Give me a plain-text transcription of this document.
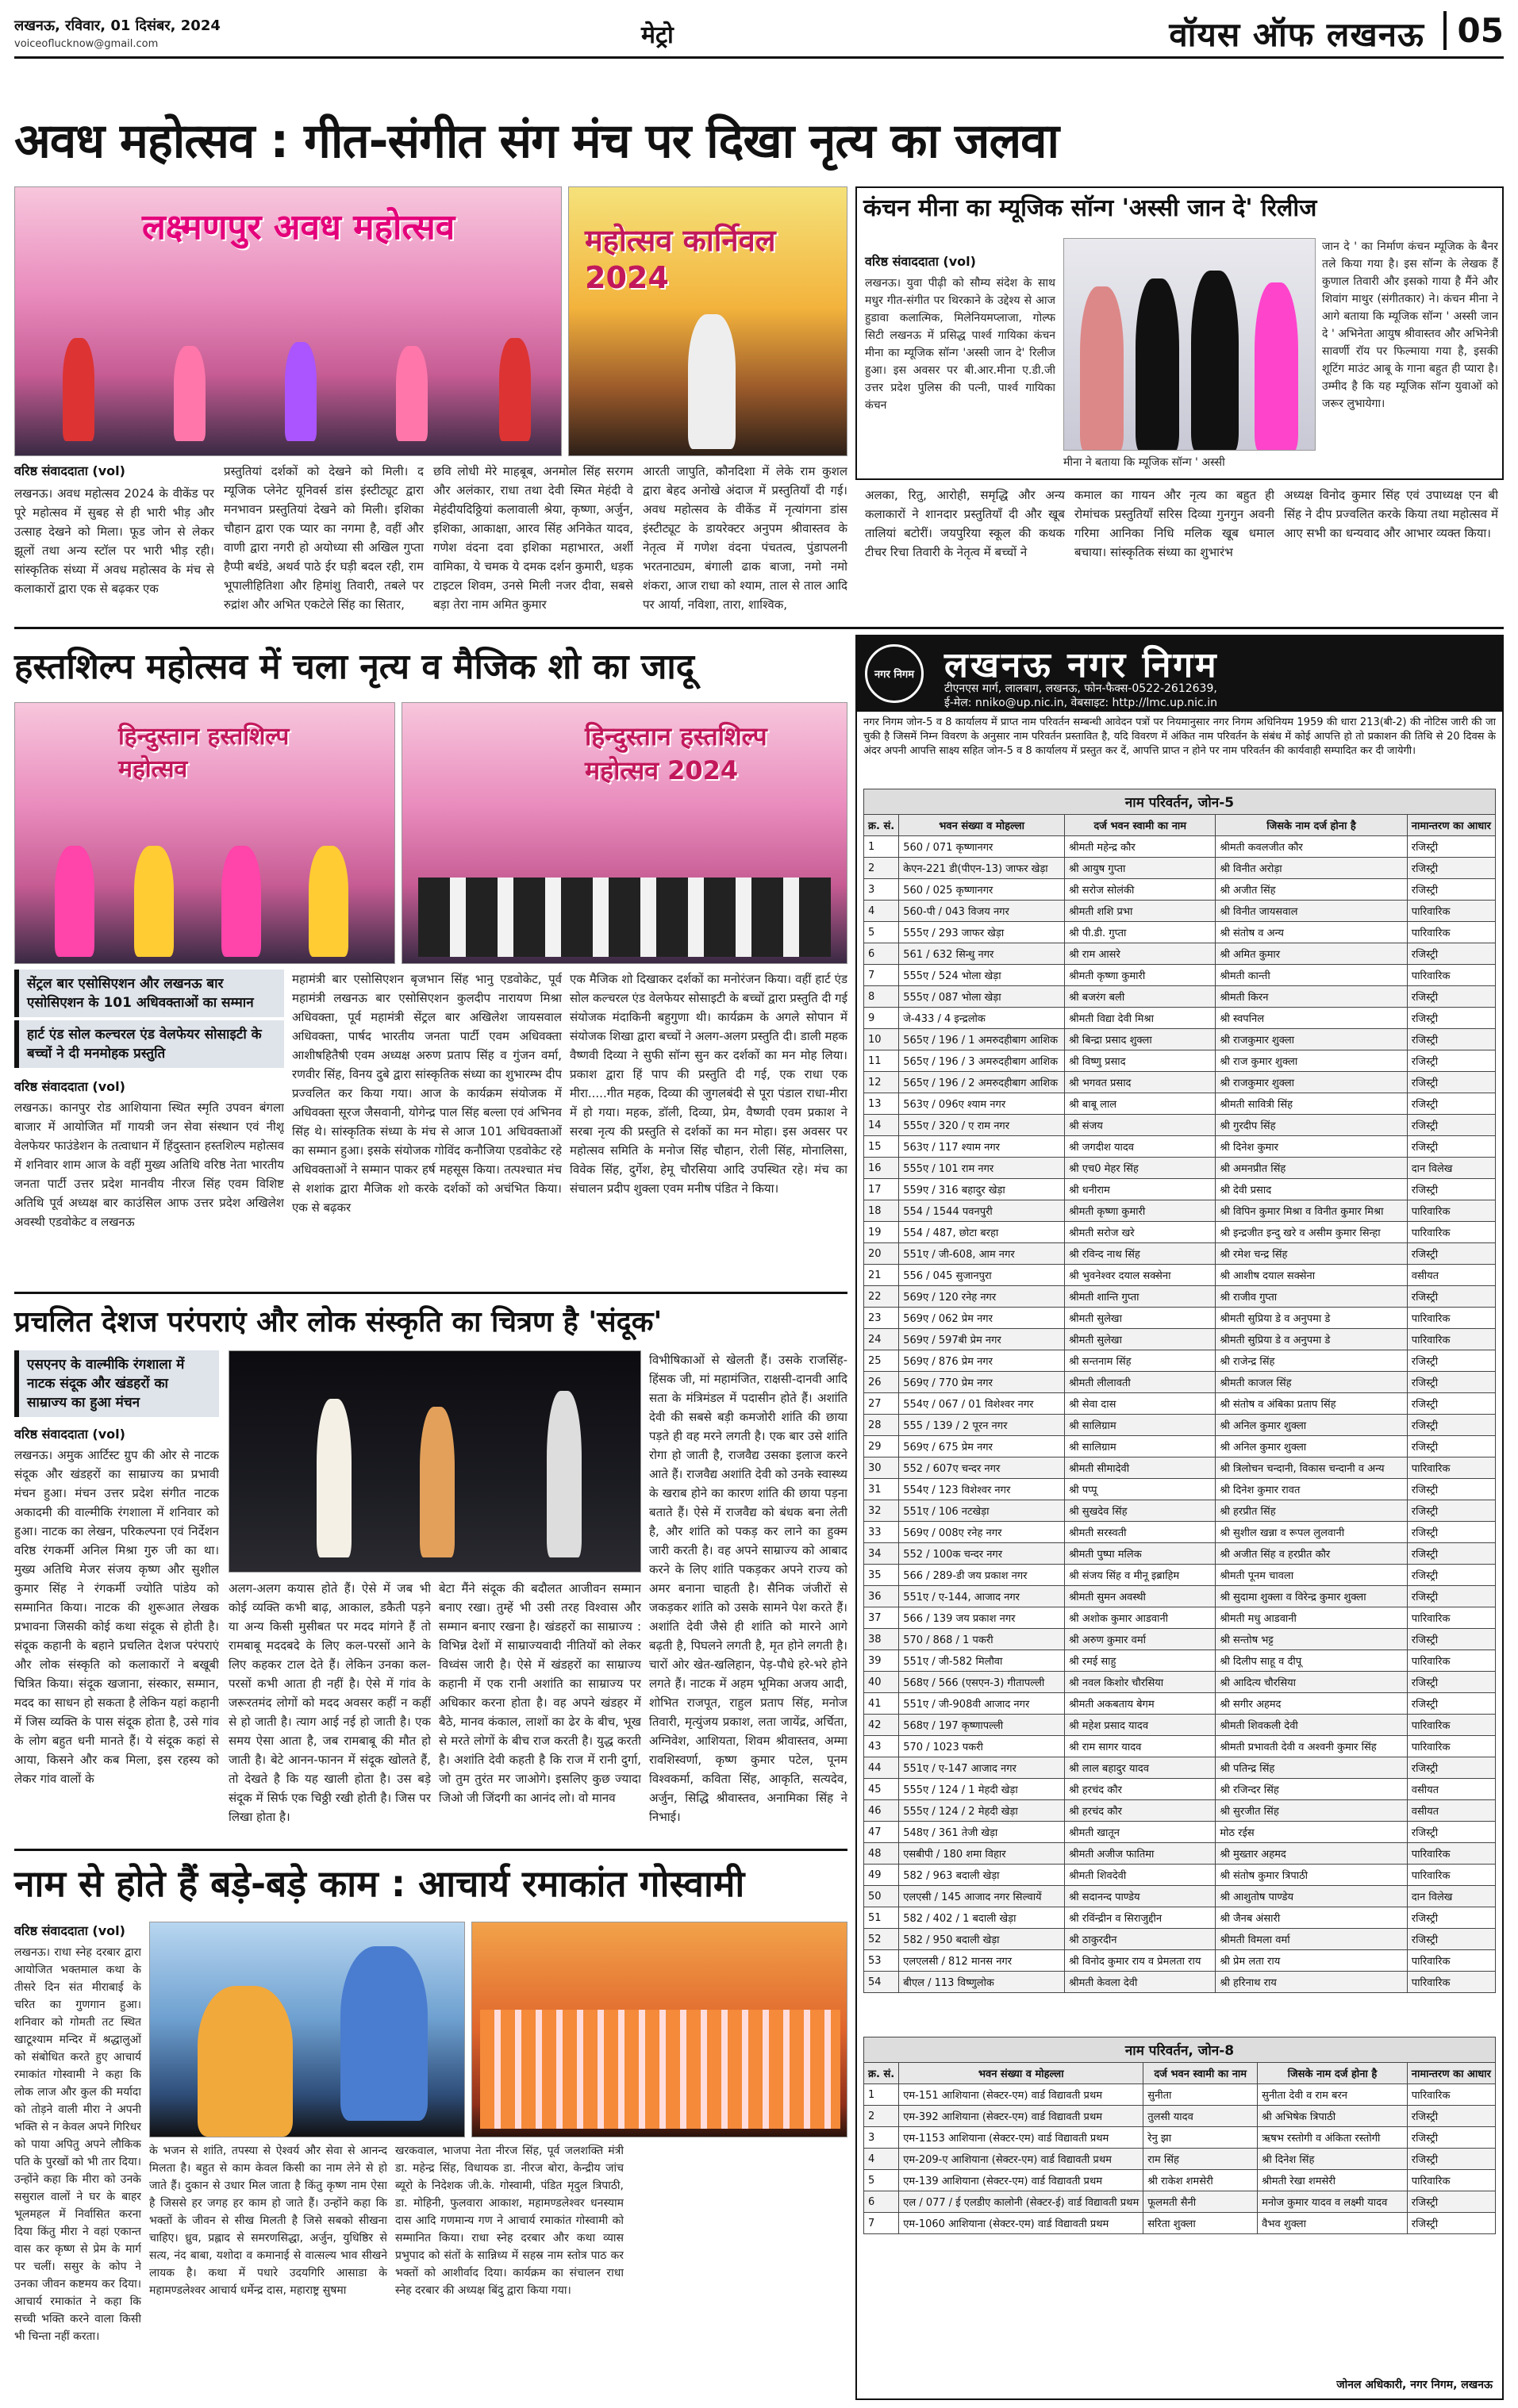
लखनऊ, रविवार, 01 दिसंबर, 2024
voiceoflucknow@gmail.com	मेट्रो	वॉयस ऑफ लखनऊ 05
अवध महोत्सव : गीत-संगीत संग मंच पर दिखा नृत्य का जलवा
लक्ष्मणपुर अवध महोत्सव	महोत्सव कार्निवल 2024
कंचन मीना का म्यूजिक सॉन्ग 'अस्सी जान दे' रिलीज
वरिष्ठ संवाददाता (vol)
लखनऊ। युवा पीढ़ी को सौम्य संदेश के साथ मधुर गीत-संगीत पर थिरकाने के उद्देश्य से आज हुडावा कलात्मिक, मिलेनियमप्लाजा, गोल्फ सिटी लखनऊ में प्रसिद्ध पार्श्व गायिका कंचन मीना का म्यूजिक सॉन्ग 'अस्सी जान दे' रिलीज हुआ। इस अवसर पर बी.आर.मीना ए.डी.जी उत्तर प्रदेश पुलिस की पत्नी, पार्श्व गायिका कंचन
मीना ने बताया कि म्यूजिक सॉन्ग ' अस्सी
जान दे ' का निर्माण कंचन म्यूजिक के बैनर तले किया गया है। इस सॉन्ग के लेखक हैं कुणाल तिवारी और इसको गाया है मैंने और शिवांग माथुर (संगीतकार) ने। कंचन मीना ने आगे बताया कि म्यूजिक सॉन्ग ' अस्सी जान दे ' अभिनेता आयुष श्रीवास्तव और अभिनेत्री सावर्णी रॉय पर फिल्माया गया है, इसकी शूटिंग माउंट आबू के गाना बहुत ही प्यारा है। उम्मीद है कि यह म्यूजिक सॉन्ग युवाओं को जरूर लुभायेगा।
वरिष्ठ संवाददाता (vol)
लखनऊ। अवध महोत्सव 2024 के वीकेंड पर पूरे महोत्सव में सुबह से ही भारी भीड़ और उत्साह देखने को मिला। फूड जोन से लेकर झूलों तथा अन्य स्टॉल पर भारी भीड़ रही। सांस्कृतिक संध्या में अवध महोत्सव के मंच से कलाकारों द्वारा एक से बढ़कर एक
प्रस्तुतियां दर्शकों को देखने को मिली। द म्यूजिक प्लेनेट यूनिवर्स डांस इंस्टीट्यूट द्वारा मनभावन प्रस्तुतियां देखने को मिली। इशिका चौहान द्वारा एक प्यार का नगमा है, वहीं और वाणी द्वारा नगरी हो अयोध्या सी अखिल गुप्ता हैप्पी बर्थडे, अथर्व पाठे ईर घड़ी बदल रही, राम भूपालीहितिशा और हिमांशु तिवारी, तबले पर रुद्रांश और अभित एकटेले सिंह का सितार,
छवि लोधी मेरे माहबूब, अनमोल सिंह सरगम और अलंकार, राधा तथा देवी स्मित मेहंदी वे मेहंदीयदिठ्ठियां कलावाली श्रेया, कृष्णा, अर्जुन, इशिका, आकाक्षा, आरव सिंह अनिकेत यादव, गणेश वंदना दवा इशिका महाभारत, अर्शी वामिका, ये चमक ये दमक दर्शन कुमारी, धड़क टाइटल शिवम, उनसे मिली नजर दीवा, सबसे बड़ा तेरा नाम अमित कुमार
आरती जापुति, कौनदिशा में लेके राम कुशल द्वारा बेहद अनोखे अंदाज में प्रस्तुतियाँ दी गई। अवध महोत्सव के वीकेंड में नृत्यांगना डांस इंस्टीट्यूट के डायरेक्टर अनुपम श्रीवास्तव के नेतृत्व में गणेश वंदना पंचतत्व, पुंडापलनी भरतनाट्यम, बंगाली ढाक बाजा, नमो नमो शंकरा, आज राधा को श्याम, ताल से ताल आदि पर आर्या, नविशा, तारा, शाश्विक,
अलका, रितु, आरोही, समृद्धि और अन्य कलाकारों ने शानदार प्रस्तुतियाँ दी और खूब तालियां बटोरीं। जयपुरिया स्कूल की कथक टीचर रिचा तिवारी के नेतृत्व में बच्चों ने
कमाल का गायन और नृत्य का बहुत ही रोमांचक प्रस्तुतियाँ सरिस दिव्या गुनगुन अवनी गरिमा आनिका निधि मलिक खूब धमाल बचाया। सांस्कृतिक संध्या का शुभारंभ
अध्यक्ष विनोद कुमार सिंह एवं उपाध्यक्ष एन बी सिंह ने दीप प्रज्वलित करके किया तथा महोत्सव में आए सभी का धन्यवाद और आभार व्यक्त किया।
हस्तशिल्प महोत्सव में चला नृत्य व मैजिक शो का जादू
हिन्दुस्तान हस्तशिल्प महोत्सव
हिन्दुस्तान हस्तशिल्प महोत्सव 2024
सेंट्रल बार एसोसिएशन और लखनऊ बार एसोसिएशन के 101 अधिवक्ताओं का सम्मान
हार्ट एंड सोल कल्चरल एंड वेलफेयर सोसाइटी के बच्चों ने दी मनमोहक प्रस्तुति
वरिष्ठ संवाददाता (vol)
लखनऊ। कानपुर रोड आशियाना स्थित स्मृति उपवन बंगला बाजार में आयोजित माँ गायत्री जन सेवा संस्थान एवं नीशू वेलफेयर फाउंडेशन के तत्वाधान में हिंदुस्तान हस्तशिल्प महोत्सव में शनिवार शाम आज के वहीं मुख्य अतिथि वरिष्ठ नेता भारतीय जनता पार्टी उत्तर प्रदेश मानवीय नीरज सिंह एवम विशिष्ट अतिथि पूर्व अध्यक्ष बार काउंसिल आफ उत्तर प्रदेश अखिलेश अवस्थी एडवोकेट व लखनऊ
महामंत्री बार एसोसिएशन बृजभान सिंह भानु एडवोकेट, पूर्व महामंत्री लखनऊ बार एसोसिएशन कुलदीप नारायण मिश्रा अधिवक्ता, पूर्व महामंत्री सेंट्रल बार अखिलेश जायसवाल अधिवक्ता, पार्षद भारतीय जनता पार्टी एवम अधिवक्ता आशीषहितैषी एवम अध्यक्ष अरुण प्रताप सिंह व गुंजन वर्मा, रणवीर सिंह, विनय दुबे द्वारा सांस्कृतिक संध्या का शुभारम्भ दीप प्रज्वलित कर किया गया। आज के कार्यक्रम संयोजक में अधिवक्ता सूरज जैसवानी, योगेन्द्र पाल सिंह बल्ला एवं अभिनव सिंह थे। सांस्कृतिक संध्या के मंच से आज 101 अधिवक्ताओं का सम्मान हुआ। इसके संयोजक गोविंद कनौजिया एडवोकेट रहे अधिवक्ताओं ने सम्मान पाकर हर्ष महसूस किया। तत्पश्चात मंच से शशांक द्वारा मैजिक शो करके दर्शकों को अचंभित किया। एक से बढ़कर
एक मैजिक शो दिखाकर दर्शकों का मनोरंजन किया। वहीं हार्ट एंड सोल कल्चरल एंड वेलफेयर सोसाइटी के बच्चों द्वारा प्रस्तुति दी गई संयोजक मंदाकिनी बहुगुणा थी। कार्यक्रम के अगले सोपान में संयोजक शिखा द्वारा बच्चों ने अलग-अलग प्रस्तुति दी। डाली महक वैष्णवी दिव्या ने सुफी सॉन्ग सुन कर दर्शकों का मन मोह लिया। प्रकाश द्वारा हिं पाप की प्रस्तुति दी गई, एक राधा एक मीरा.....गीत महक, दिव्या की जुगलबंदी से पूरा पंडाल राधा-मीरा में हो गया। महक, डॉली, दिव्या, प्रेम, वैष्णवी एवम प्रकाश ने सरबा नृत्य की प्रस्तुति से दर्शकों का मन मोहा। इस अवसर पर महोत्सव समिति के मनोज सिंह चौहान, रोली सिंह, मोनालिसा, विवेक सिंह, दुर्गेश, हेमू चौरसिया आदि उपस्थित रहे। मंच का संचालन प्रदीप शुक्ला एवम मनीष पंडित ने किया।
प्रचलित देशज परंपराएं और लोक संस्कृति का चित्रण है 'संदूक'
एसएनए के वाल्मीकि रंगशाला में नाटक संदूक और खंडहरों का साम्राज्य का हुआ मंचन
वरिष्ठ संवाददाता (vol)
लखनऊ। अमुक आर्टिस्ट ग्रुप की ओर से नाटक संदूक और खंडहरों का साम्राज्य का प्रभावी मंचन हुआ। मंचन उत्तर प्रदेश संगीत नाटक अकादमी की वाल्मीकि रंगशाला में शनिवार को हुआ। नाटक का लेखन, परिकल्पना एवं निर्देशन वरिष्ठ रंगकर्मी अनिल मिश्रा गुरु जी का था। मुख्य अतिथि मेजर संजय कृष्ण और सुशील कुमार सिंह ने रंगकर्मी ज्योति पांडेय को सम्मानित किया। नाटक की शुरूआत लेखक प्रभावना जिसकी कोई कथा संदूक से होती है। संदूक कहानी के बहाने प्रचलित देशज परंपराएं और लोक संस्कृति को कलाकारों ने बखूबी चित्रित किया। संदूक खजाना, संस्कार, सम्मान, मदद का साधन हो सकता है लेकिन यहां कहानी में जिस व्यक्ति के पास संदूक होता है, उसे गांव के लोग बहुत धनी मानते हैं। ये संदूक कहां से आया, किसने और कब मिला, इस रहस्य को लेकर गांव वालों के
अलग-अलग कयास होते हैं। ऐसे में जब भी कोई व्यक्ति कभी बाढ़, आकाल, डकैती पड़ने या अन्य किसी मुसीबत पर मदद मांगने हैं तो रामबाबू मददबदे के लिए कल-परसों आने के लिए कहकर टाल देते हैं। लेकिन उनका कल-परसों कभी आता ही नहीं है। ऐसे में गांव के जरूरतमंद लोगों को मदद अवसर कहीं न कहीं से हो जाती है। त्याग आई नई हो जाती है। एक समय ऐसा आता है, जब रामबाबू की मौत हो जाती है। बेटे आनन-फानन में संदूक खोलते हैं, तो देखते है कि यह खाली होता है। उस बड़े संदूक में सिर्फ एक चिठ्ठी रखी होती है। जिस पर लिखा होता है।
बेटा मैंने संदूक की बदौलत आजीवन सम्मान बनाए रखा। तुम्हें भी उसी तरह विश्वास और सम्मान बनाए रखना है। खंडहरों का साम्राज्य : विभिन्न देशों में साम्राज्यवादी नीतियों को लेकर विध्वंस जारी है। ऐसे में खंडहरों का साम्राज्य कहानी में एक रानी अशांति का साम्राज्य पर अधिकार करना होता है। वह अपने खंडहर में बैठे, मानव कंकाल, लाशों का ढेर के बीच, भूख से मरते लोगों के बीच राज करती है। युद्ध करती है। अशांति देवी कहती है कि राज में रानी दुर्गा, जो तुम तुरंत मर जाओगे। इसलिए कुछ ज्यादा जिओ जी जिंदगी का आनंद लो। वो मानव
विभीषिकाओं से खेलती हैं। उसके राजसिंह-हिंसक जी, मां महामंजित, राक्षसी-दानवी आदि सता के मंत्रिमंडल में पदासीन होते हैं। अशांति देवी की सबसे बड़ी कमजोरी शांति की छाया पड़ते ही वह मरने लगती है। एक बार उसे शांति रोगा हो जाती है, राजवैद्य उसका इलाज करने आते हैं। राजवैद्य अशांति देवी को उनके स्वास्थ्य के खराब होने का कारण शांति की छाया पड़ना बताते हैं। ऐसे में राजवैद्य को बंधक बना लेती है, और शांति को पकड़ कर लाने का हुक्म जारी करती है। वह अपने साम्राज्य को आबाद करने के लिए शांति पकड़कर अपने राज्य को अमर बनाना चाहती है। सैनिक जंजीरों से जकड़कर शांति को उसके सामने पेश करते हैं। अशांति देवी जैसे ही शांति को मारने आगे बढ़ती है, पिघलने लगती है, मृत होने लगती है। चारों ओर खेत-खलिहान, पेड़-पौधे हरे-भरे होने लगते हैं। नाटक में अहम भूमिका अजय आदी, शोभित राजपूत, राहुल प्रताप सिंह, मनोज तिवारी, मृत्युंजय प्रकाश, लता जायेंद्र, अर्चिता, अग्निवेश, आशियता, शिवम श्रीवास्तव, अम्मा रावशिस्वर्णा, कृष्ण कुमार पटेल, पूनम विश्वकर्मा, कविता सिंह, आकृति, सत्यदेव, अर्जुन, सिद्धि श्रीवास्तव, अनामिका सिंह ने निभाई।
नाम से होते हैं बड़े-बड़े काम : आचार्य रमाकांत गोस्वामी
वरिष्ठ संवाददाता (vol)
लखनऊ। राधा स्नेह दरबार द्वारा आयोजित भक्तमाल कथा के तीसरे दिन संत मीराबाई के चरित का गुणगान हुआ। शनिवार को गोमती तट स्थित खाटूश्याम मन्दिर में श्रद्धालुओं को संबोधित करते हुए आचार्य रमाकांत गोस्वामी ने कहा कि लोक लाज और कुल की मर्यादा को तोड़ने वाली मीरा ने अपनी भक्ति से न केवल अपने गिरिधर को पाया अपितु अपने लौकिक पति के पुरखों को भी तार दिया। उन्होंने कहा कि मीरा को उनके ससुराल वालों ने घर के बाहर भूलमहल में निर्वासित करना दिया किंतु मीरा ने वहां एकान्त वास कर कृष्ण से प्रेम के मार्ग पर चलीं। ससुर के कोप ने उनका जीवन कष्टमय कर दिया। आचार्य रमाकांत ने कहा कि सच्ची भक्ति करने वाला किसी भी चिन्ता नहीं करता।
के भजन से शांति, तपस्या से ऐश्वर्य और सेवा से आनन्द मिलता है। बहुत से काम केवल किसी का नाम लेने से हो जाते हैं। दुकान से उधार मिल जाता है किंतु कृष्ण नाम ऐसा है जिससे हर जगह हर काम हो जाते हैं। उन्होंने कहा कि भक्तों के जीवन से सीख मिलती है जिसे सबको सीखना चाहिए। ध्रुव, प्रह्लाद से समरणसिद्धा, अर्जुन, युधिष्ठिर से सत्य, नंद बाबा, यशोदा व कमानाई से वात्सल्य भाव सीखने लायक है। कथा में पधारे उदयगिरि आसाडा के महामण्डलेश्वर आचार्य धर्मेन्द्र दास, महाराष्ट्र सुषमा
खरकवाल, भाजपा नेता नीरज सिंह, पूर्व जलशक्ति मंत्री डा. महेन्द्र सिंह, विधायक डा. नीरज बोरा, केन्द्रीय जांच ब्यूरो के निदेशक जी.के. गोस्वामी, पंडित मृदुल त्रिपाठी, डा. मोहिनी, फुलवारा आकाश, महामण्डलेश्वर धनस्याम दास आदि गणमान्य गण ने आचार्य रमाकांत गोस्वामी को सम्मानित किया। राधा स्नेह दरबार और कथा व्यास प्रभुपाद को संतों के सान्निध्य में सहस्र नाम स्तोत्र पाठ कर भक्तों को आशीर्वाद दिया। कार्यक्रम का संचालन राधा स्नेह दरबार की अध्यक्ष बिंदु द्वारा किया गया।
नगर निगम लखनऊ नगर निगम
टीएनएस मार्ग, लालबाग, लखनऊ, फोन-फैक्स-0522-2612639,
ई-मेल: nniko@up.nic.in, वेबसाइट: http://lmc.up.nic.in
नगर निगम जोन-5 व 8 कार्यालय में प्राप्त नाम परिवर्तन सम्बन्धी आवेदन पत्रों पर नियमानुसार नगर निगम अधिनियम 1959 की धारा 213(बी-2) की नोटिस जारी की जा चुकी है जिसमें निम्न विवरण के अनुसार नाम परिवर्तन प्रस्तावित है, यदि विवरण में अंकित नाम परिवर्तन के संबंध में कोई आपत्ति हो तो प्रकाशन की तिथि से 20 दिवस के अंदर अपनी आपत्ति साक्ष्य सहित जोन-5 व 8 कार्यालय में प्रस्तुत कर दें, आपत्ति प्राप्त न होने पर नाम परिवर्तन की कार्यवाही सम्पादित कर दी जायेगी।
नाम परिवर्तन, जोन-5
क्र. सं.	भवन संख्या व मोहल्ला	दर्ज भवन स्वामी का नाम	जिसके नाम दर्ज होना है	नामान्तरण का आधार
1	560 / 071 कृष्णानगर	श्रीमती महेन्द्र कौर	श्रीमती कवलजीत कौर	रजिस्ट्री
2	केएन-221 डी(पीएन-13) जाफर खेड़ा	श्री आयुष गुप्ता	श्री विनीत अरोड़ा	रजिस्ट्री
3	560 / 025 कृष्णानगर	श्री सरोज सोलंकी	श्री अजीत सिंह	रजिस्ट्री
4	560-पी / 043 विजय नगर	श्रीमती शशि प्रभा	श्री विनीत जायसवाल	पारिवारिक
5	555ए / 293 जाफर खेड़ा	श्री पी.डी. गुप्ता	श्री संतोष व अन्य	पारिवारिक
6	561 / 632 सिन्धु नगर	श्री राम आसरे	श्री अमित कुमार	रजिस्ट्री
7	555ए / 524 भोला खेड़ा	श्रीमती कृष्णा कुमारी	श्रीमती कान्ती	पारिवारिक
8	555ए / 087 भोला खेड़ा	श्री बजरंग बली	श्रीमती किरन	रजिस्ट्री
9	जे-433 / 4 इन्द्रलोक	श्रीमती विद्या देवी मिश्रा	श्री स्वपनिल	रजिस्ट्री
10	565ए / 196 / 1 अमरुदहीबाग आशिक	श्री बिन्द्रा प्रसाद शुक्ला	श्री राजकुमार शुक्ला	रजिस्ट्री
11	565ए / 196 / 3 अमरुदहीबाग आशिक	श्री विष्णु प्रसाद	श्री राज कुमार शुक्ला	रजिस्ट्री
12	565ए / 196 / 2 अमरुदहीबाग आशिक	श्री भगवत प्रसाद	श्री राजकुमार शुक्ला	रजिस्ट्री
13	563ए / 096ए श्याम नगर	श्री बाबू लाल	श्रीमती सावित्री सिंह	रजिस्ट्री
14	555ए / 320 / ए राम नगर	श्री संजय	श्री गुरदीप सिंह	रजिस्ट्री
15	563ए / 117 श्याम नगर	श्री जगदीश यादव	श्री दिनेश कुमार	रजिस्ट्री
16	555ए / 101 राम नगर	श्री एच0 मेहर सिंह	श्री अमनप्रीत सिंह	दान विलेख
17	559ए / 316 बहादुर खेड़ा	श्री धनीराम	श्री देवी प्रसाद	रजिस्ट्री
18	554 / 1544 पवनपुरी	श्रीमती कृष्णा कुमारी	श्री विपिन कुमार मिश्रा व विनीत कुमार मिश्रा	पारिवारिक
19	554 / 487, छोटा बरहा	श्रीमती सरोज खरे	श्री इन्द्रजीत इन्दु खरे व असीम कुमार सिन्हा	पारिवारिक
20	551ए / जी-608, आम नगर	श्री रविन्द नाथ सिंह	श्री रमेश चन्द्र सिंह	रजिस्ट्री
21	556 / 045 सुजानपुरा	श्री भुवनेश्वर दयाल सक्सेना	श्री आशीष दयाल सक्सेना	वसीयत
22	569ए / 120 रनेह नगर	श्रीमती शान्ति गुप्ता	श्री राजीव गुप्ता	रजिस्ट्री
23	569ए / 062 प्रेम नगर	श्रीमती सुलेखा	श्रीमती सुप्रिया डे व अनुपमा डे	पारिवारिक
24	569ए / 597बी प्रेम नगर	श्रीमती सुलेखा	श्रीमती सुप्रिया डे व अनुपमा डे	पारिवारिक
25	569ए / 876 प्रेम नगर	श्री सन्तनाम सिंह	श्री राजेन्द्र सिंह	रजिस्ट्री
26	569ए / 770 प्रेम नगर	श्रीमती लीलावती	श्रीमती काजल सिंह	रजिस्ट्री
27	554ए / 067 / 01 विशेश्वर नगर	श्री सेवा दास	श्री संतोष व अंबिका प्रताप सिंह	रजिस्ट्री
28	555 / 139 / 2 पूरन नगर	श्री सालिग्राम	श्री अनिल कुमार शुक्ला	रजिस्ट्री
29	569ए / 675 प्रेम नगर	श्री सालिग्राम	श्री अनिल कुमार शुक्ला	रजिस्ट्री
30	552 / 607ए चन्दर नगर	श्रीमती सीमादेवी	श्री त्रिलोचन चन्दानी, विकास चन्दानी व अन्य	पारिवारिक
31	554ए / 123 विशेश्वर नगर	श्री पप्पू	श्री दिनेश कुमार रावत	रजिस्ट्री
32	551ए / 106 नटखेड़ा	श्री सुखदेव सिंह	श्री हरप्रीत सिंह	रजिस्ट्री
33	569ए / 008ए रनेह नगर	श्रीमती सरस्वती	श्री सुशील खन्ना व रूपल लुलवानी	रजिस्ट्री
34	552 / 100क चन्दर नगर	श्रीमती पुष्पा मलिक	श्री अजीत सिंह व हरप्रीत कौर	रजिस्ट्री
35	566 / 289-डी जय प्रकाश नगर	श्री संजय सिंह व मीनू इब्राहिम	श्रीमती पूनम चावला	रजिस्ट्री
36	551ए / ए-144, आजाद नगर	श्रीमती सुमन अवस्थी	श्री सुदामा शुक्ला व विरेन्द्र कुमार शुक्ला	रजिस्ट्री
37	566 / 139 जय प्रकाश नगर	श्री अशोक कुमार आडवानी	श्रीमती मधु आडवानी	पारिवारिक
38	570 / 868 / 1 पकरी	श्री अरुण कुमार वर्मा	श्री सन्तोष भट्ट	रजिस्ट्री
39	551ए / जी-582 मिलौवा	श्री रमई साहु	श्री दिलीप साहू व दीपू	पारिवारिक
40	568ए / 566 (एसएन-3) गीतापल्ली	श्री नवल किशोर चौरसिया	श्री आदित्य चौरसिया	रजिस्ट्री
41	551ए / जी-908वी आजाद नगर	श्रीमती अकबताय बेगम	श्री सगीर अहमद	रजिस्ट्री
42	568ए / 197 कृष्णापल्ली	श्री महेश प्रसाद यादव	श्रीमती शिवकली देवी	पारिवारिक
43	570 / 1023 पकरी	श्री राम सागर यादव	श्रीमती प्रभावती देवी व अश्वनी कुमार सिंह	पारिवारिक
44	551ए / ए-147 आजाद नगर	श्री लाल बहादुर यादव	श्री पतिन्द्र सिंह	रजिस्ट्री
45	555ए / 124 / 1 मेहदी खेड़ा	श्री हरचंद कौर	श्री रजिन्दर सिंह	वसीयत
46	555ए / 124 / 2 मेहदी खेड़ा	श्री हरचंद कौर	श्री सुरजीत सिंह	वसीयत
47	548ए / 361 तेजी खेड़ा	श्रीमती खातून	मोठ रईस	रजिस्ट्री
48	एसबीपी / 180 शमा विहार	श्रीमती अजीज फातिमा	श्री मुख्तार अहमद	पारिवारिक
49	582 / 963 बदाली खेड़ा	श्रीमती शिवदेवी	श्री संतोष कुमार त्रिपाठी	पारिवारिक
50	एलएसी / 145 आजाद नगर सिल्वायें	श्री सदानन्द पाण्डेय	श्री आशुतोष पाण्डेय	दान विलेख
51	582 / 402 / 1 बदाली खेड़ा	श्री रविंन्द्रीन व सिराजुद्दीन	श्री जैनब अंसारी	रजिस्ट्री
52	582 / 950 बदाली खेड़ा	श्री ठाकुरदीन	श्रीमती विमला वर्मा	रजिस्ट्री
53	एलएलसी / 812 मानस नगर	श्री विनोद कुमार राय व प्रेमलता राय	श्री प्रेम लता राय	पारिवारिक
54	बीएल / 113 विष्णुलोक	श्रीमती केवला देवी	श्री हरिनाथ राय	पारिवारिक
नाम परिवर्तन, जोन-8
क्र. सं.	भवन संख्या व मोहल्ला	दर्ज भवन स्वामी का नाम	जिसके नाम दर्ज होना है	नामान्तरण का आधार
1	एम-151 आशियाना (सेक्टर-एम) वार्ड विद्यावती प्रथम	सुनीता	सुनीता देवी व राम बरन	पारिवारिक
2	एम-392 आशियाना (सेक्टर-एम) वार्ड विद्यावती प्रथम	तुलसी यादव	श्री अभिषेक त्रिपाठी	रजिस्ट्री
3	एम-1153 आशियाना (सेक्टर-एम) वार्ड विद्यावती प्रथम	रेनु झा	ऋषभ रस्तोगी व अंकिता रस्तोगी	रजिस्ट्री
4	एम-209-ए आशियाना (सेक्टर-एम) वार्ड विद्यावती प्रथम	राम सिंह	श्री दिनेश सिंह	रजिस्ट्री
5	एम-139 आशियाना (सेक्टर-एम) वार्ड विद्यावती प्रथम	श्री राकेश शमसेरी	श्रीमती रेखा शमसेरी	पारिवारिक
6	एल / 077 / ई एलडीए कालोनी (सेक्टर-ई) वार्ड विद्यावती प्रथम	फूलमती सैनी	मनोज कुमार यादव व लक्ष्मी यादव	रजिस्ट्री
7	एम-1060 आशियाना (सेक्टर-एम) वार्ड विद्यावती प्रथम	सरिता शुक्ला	वैभव शुक्ला	रजिस्ट्री
जोनल अधिकारी, नगर निगम, लखनऊ
